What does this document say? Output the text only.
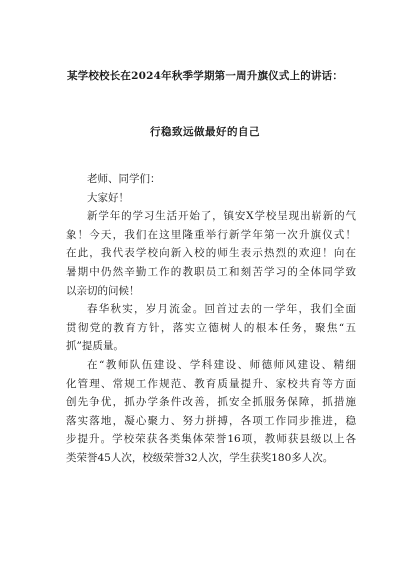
某学校校长在2024年秋季学期第一周升旗仪式上的讲话：
行稳致远做最好的自己
老师、同学们：
大家好！
新学年的学习生活开始了，镇安X学校呈现出崭新的气
象！今天，我们在这里隆重举行新学年第一次升旗仪式！
在此，我代表学校向新入校的师生表示热烈的欢迎！向在
暑期中仍然辛勤工作的教职员工和刻苦学习的全体同学致
以亲切的问候！
春华秋实，岁月流金。回首过去的一学年，我们全面
贯彻党的教育方针，落实立德树人的根本任务，聚焦“五
抓”提质量。
在“教师队伍建设、学科建设、师德师风建设、精细
化管理、常规工作规范、教育质量提升、家校共育等方面
创先争优，抓办学条件改善，抓安全抓服务保障，抓措施
落实落地，凝心聚力、努力拼搏，各项工作同步推进，稳
步提升。学校荣获各类集体荣誉16项，教师获县级以上各
类荣誉45人次，校级荣誉32人次，学生获奖180多人次。
